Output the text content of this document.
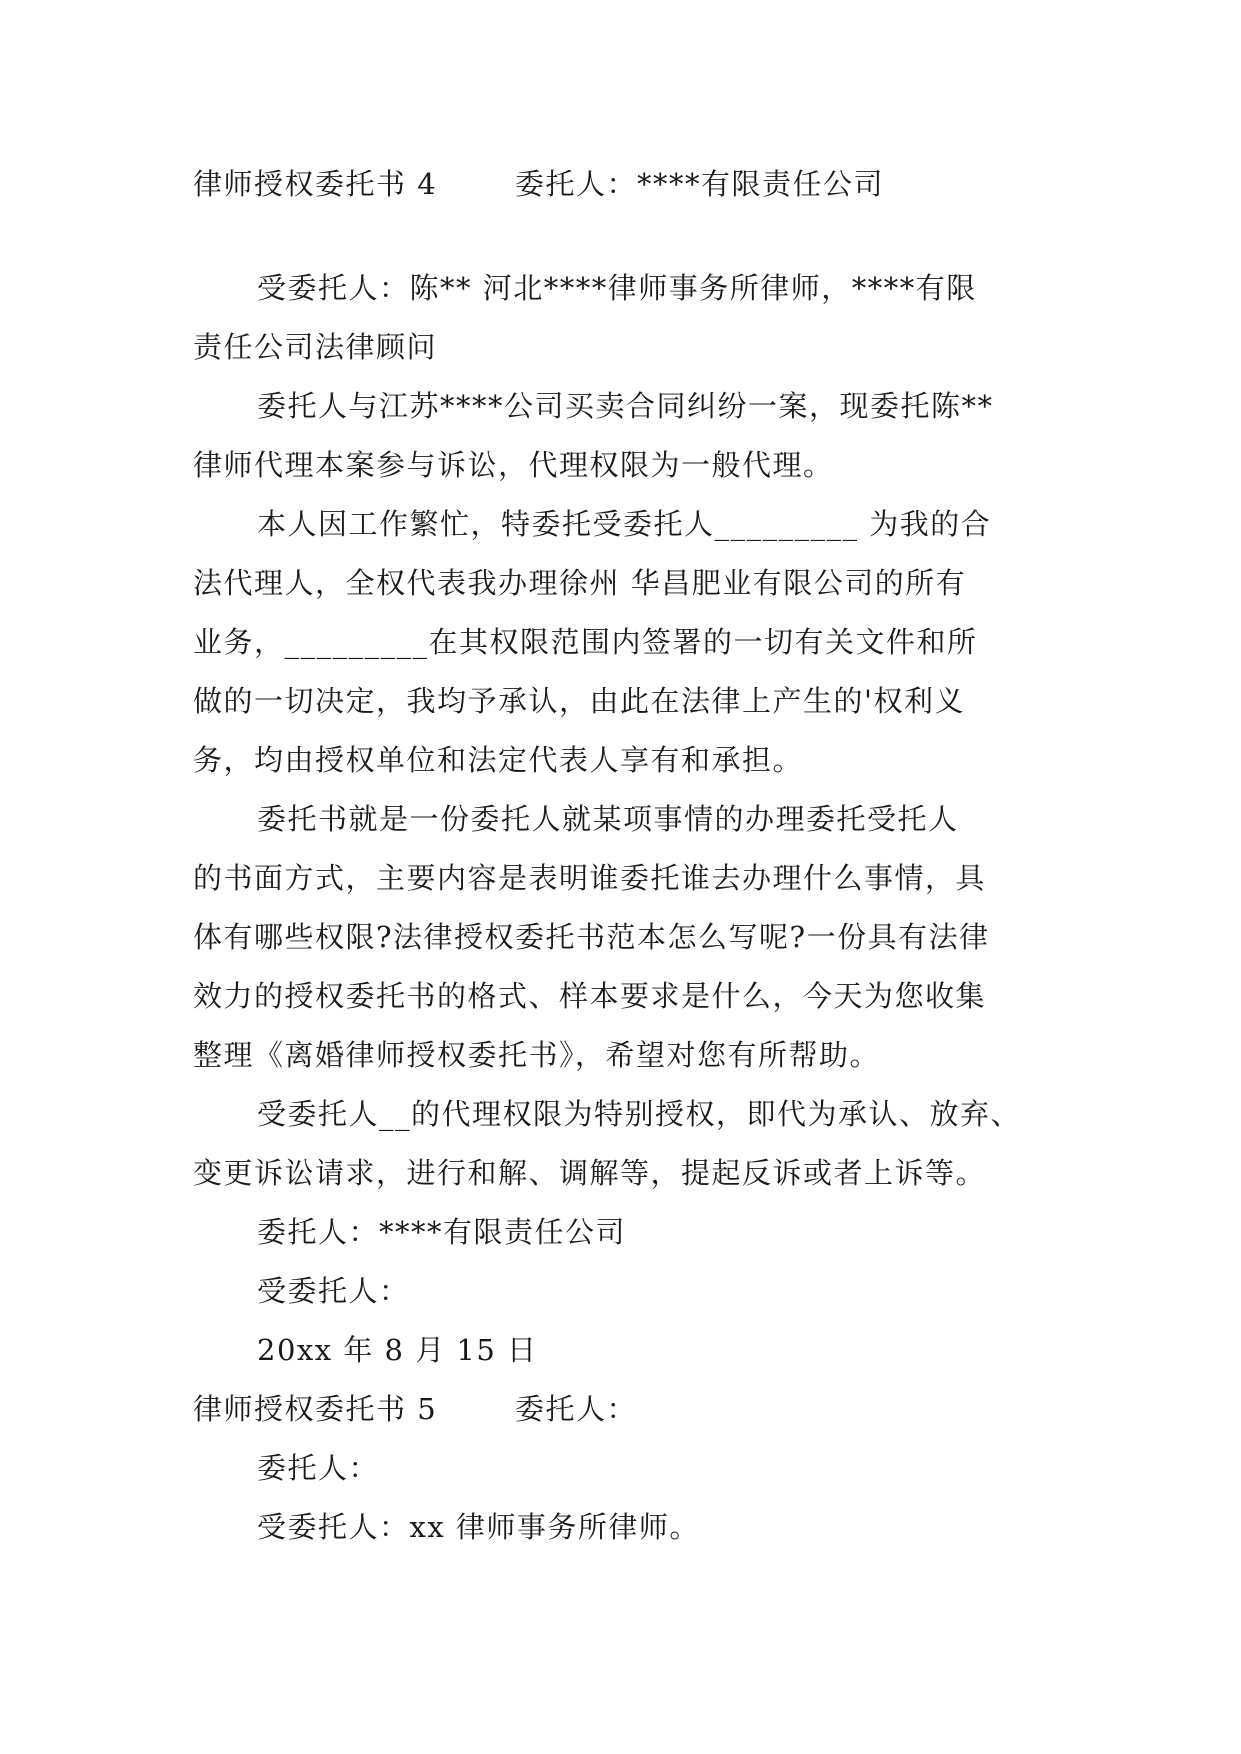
律师授权委托书 4	委托人：****有限责任公司
受委托人：陈** 河北****律师事务所律师，****有限
责任公司法律顾问
委托人与江苏****公司买卖合同纠纷一案，现委托陈**
律师代理本案参与诉讼，代理权限为一般代理。
本人因工作繁忙，特委托受委托人_________ 为我的合
法代理人，全权代表我办理徐州 华昌肥业有限公司的所有
业务，_________在其权限范围内签署的一切有关文件和所
做的一切决定，我均予承认，由此在法律上产生的'权利义
务，均由授权单位和法定代表人享有和承担。
委托书就是一份委托人就某项事情的办理委托受托人
的书面方式，主要内容是表明谁委托谁去办理什么事情，具
体有哪些权限?法律授权委托书范本怎么写呢?一份具有法律
效力的授权委托书的格式、样本要求是什么，今天为您收集
整理《离婚律师授权委托书》，希望对您有所帮助。
受委托人__的代理权限为特别授权，即代为承认、放弃、
变更诉讼请求，进行和解、调解等，提起反诉或者上诉等。
委托人：****有限责任公司
受委托人：
20xx 年 8 月 15 日
律师授权委托书 5	委托人：
委托人：
受委托人：xx 律师事务所律师。
